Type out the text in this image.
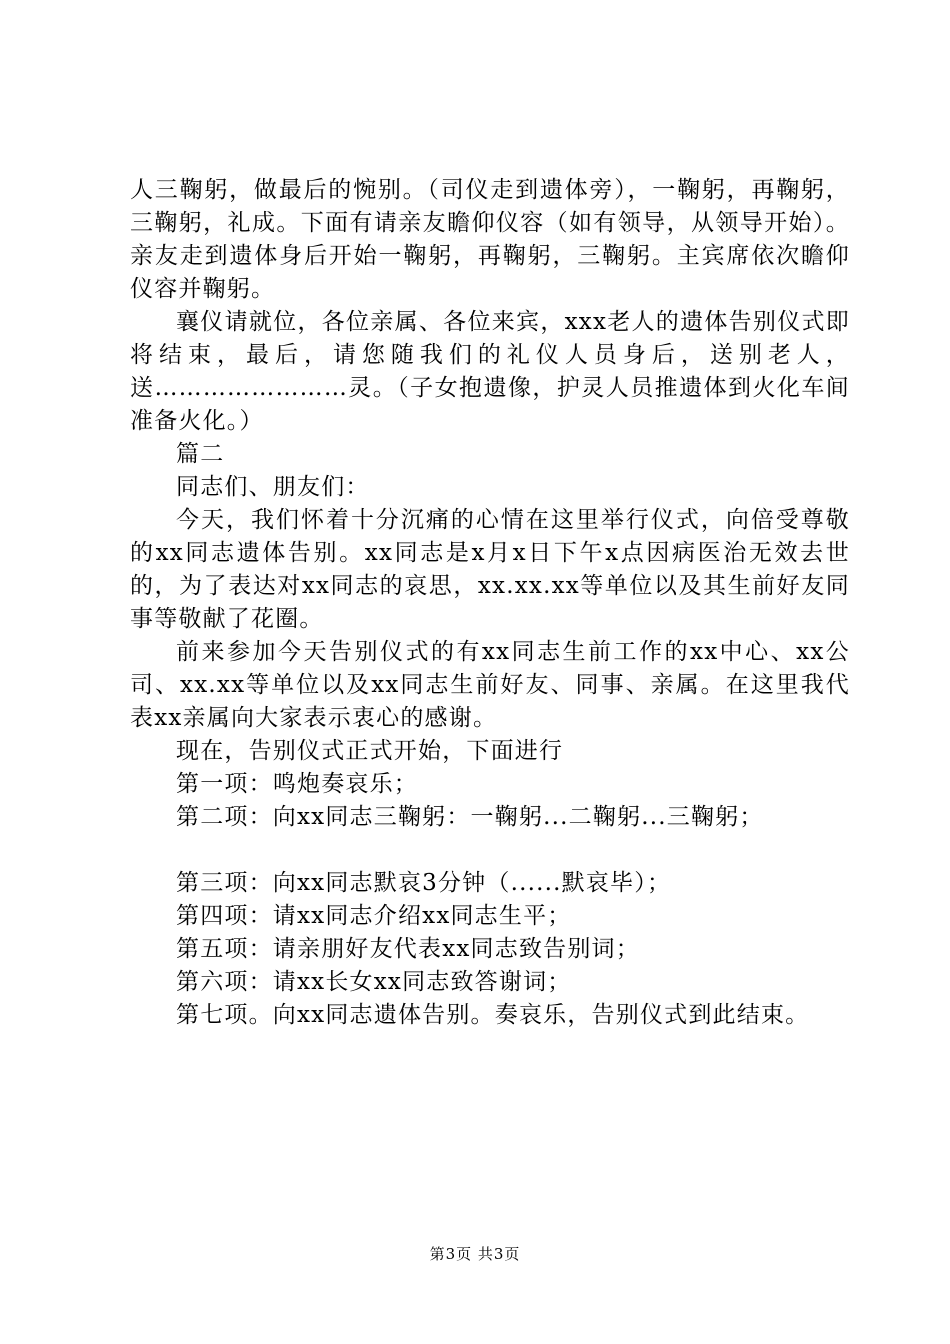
人三鞠躬，做最后的惋别。（司仪走到遗体旁），一鞠躬，再鞠躬，三鞠躬，礼成。下面有请亲友瞻仰仪容（如有领导，从领导开始）。亲友走到遗体身后开始一鞠躬，再鞠躬，三鞠躬。主宾席依次瞻仰仪容并鞠躬。

襄仪请就位，各位亲属、各位来宾，xxx老人的遗体告别仪式即将结束，最后，请您随我们的礼仪人员身后，送别老人，送……………………灵。（子女抱遗像，护灵人员推遗体到火化车间准备火化。）

篇二

同志们、朋友们：

今天，我们怀着十分沉痛的心情在这里举行仪式，向倍受尊敬的xx同志遗体告别。xx同志是x月x日下午x点因病医治无效去世的，为了表达对xx同志的哀思，xx.xx.xx等单位以及其生前好友同事等敬献了花圈。

前来参加今天告别仪式的有xx同志生前工作的xx中心、xx公司、xx.xx等单位以及xx同志生前好友、同事、亲属。在这里我代表xx亲属向大家表示衷心的感谢。

现在，告别仪式正式开始，下面进行

第一项：鸣炮奏哀乐；

第二项：向xx同志三鞠躬：一鞠躬...二鞠躬...三鞠躬；

第三项：向xx同志默哀3分钟（......默哀毕）；

第四项：请xx同志介绍xx同志生平；

第五项：请亲朋好友代表xx同志致告别词；

第六项：请xx长女xx同志致答谢词；

第七项。向xx同志遗体告别。奏哀乐，告别仪式到此结束。

第3页 共3页
